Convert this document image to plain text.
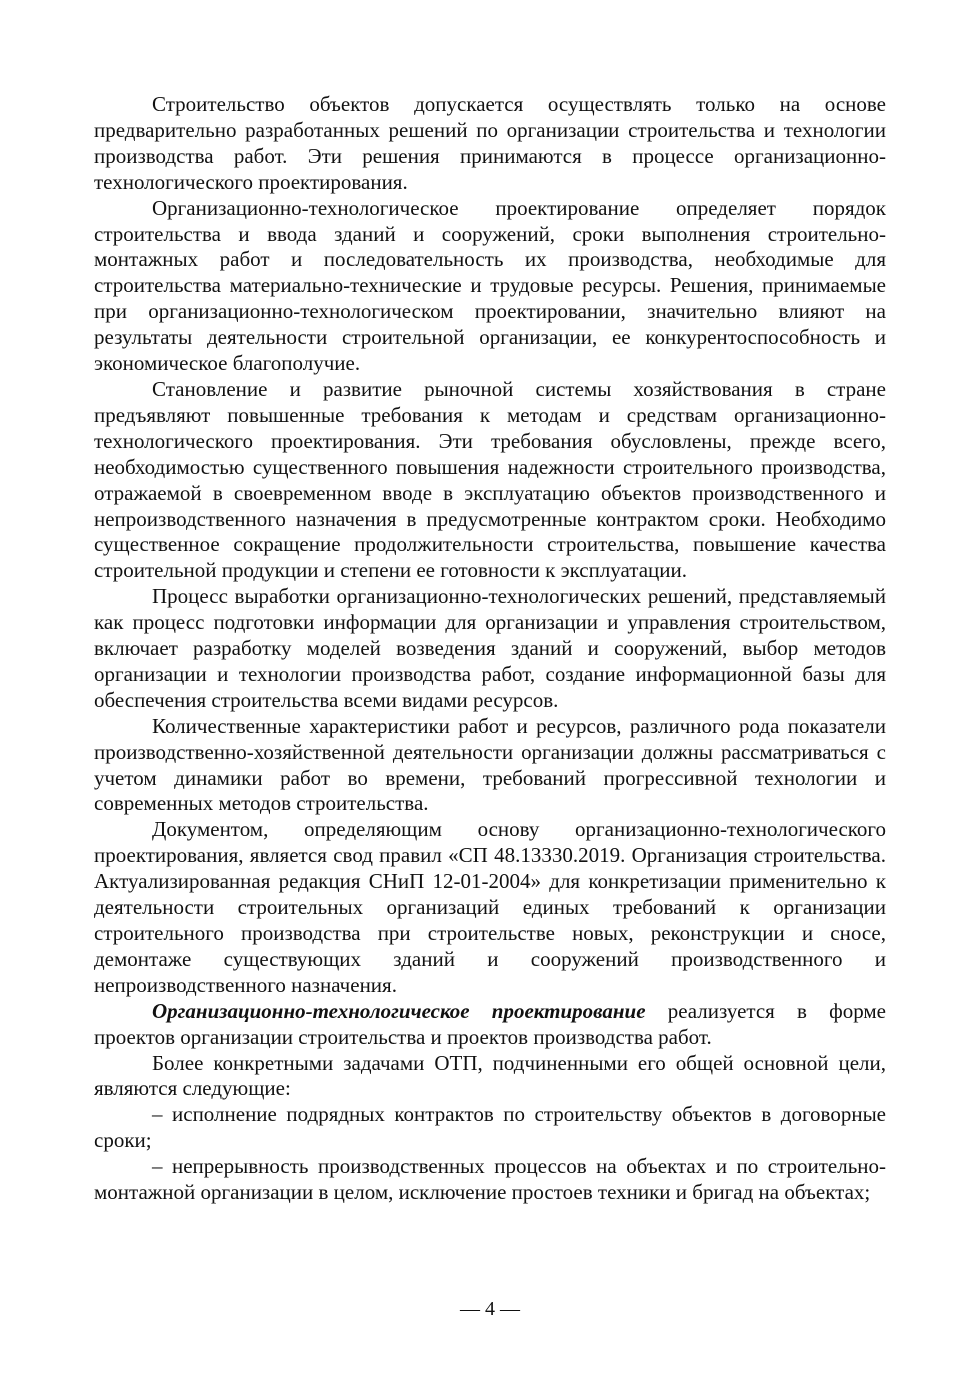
Строительство объектов допускается осуществлять только на основе предварительно разработанных решений по организации строительства и технологии производства работ. Эти решения принимаются в процессе организационно-технологического проектирования.

Организационно-технологическое проектирование определяет порядок строительства и ввода зданий и сооружений, сроки выполнения строительно-монтажных работ и последовательность их производства, необходимые для строительства материально-технические и трудовые ресурсы. Решения, принимаемые при организационно-технологическом проектировании, значительно влияют на результаты деятельности строительной организации, ее конкурентоспособность и экономическое благополучие.

Становление и развитие рыночной системы хозяйствования в стране предъявляют повышенные требования к методам и средствам организационно-технологического проектирования. Эти требования обусловлены, прежде всего, необходимостью существенного повышения надежности строительного производства, отражаемой в своевременном вводе в эксплуатацию объектов производственного и непроизводственного назначения в предусмотренные контрактом сроки. Необходимо существенное сокращение продолжительности строительства, повышение качества строительной продукции и степени ее готовности к эксплуатации.

Процесс выработки организационно-технологических решений, представляемый как процесс подготовки информации для организации и управления строительством, включает разработку моделей возведения зданий и сооружений, выбор методов организации и технологии производства работ, создание информационной базы для обеспечения строительства всеми видами ресурсов.

Количественные характеристики работ и ресурсов, различного рода показатели производственно-хозяйственной деятельности организации должны рассматриваться с учетом динамики работ во времени, требований прогрессивной технологии и современных методов строительства.

Документом, определяющим основу организационно-технологического проектирования, является свод правил «СП 48.13330.2019. Организация строительства. Актуализированная редакция СНиП 12-01-2004» для конкретизации применительно к деятельности строительных организаций единых требований к организации строительного производства при строительстве новых, реконструкции и сносе, демонтаже существующих зданий и сооружений производственного и непроизводственного назначения.

Организационно-технологическое проектирование реализуется в форме проектов организации строительства и проектов производства работ.

Более конкретными задачами ОТП, подчиненными его общей основной цели, являются следующие:

– исполнение подрядных контрактов по строительству объектов в договорные сроки;

– непрерывность производственных процессов на объектах и по строительно-монтажной организации в целом, исключение простоев техники и бригад на объектах;

— 4 —
